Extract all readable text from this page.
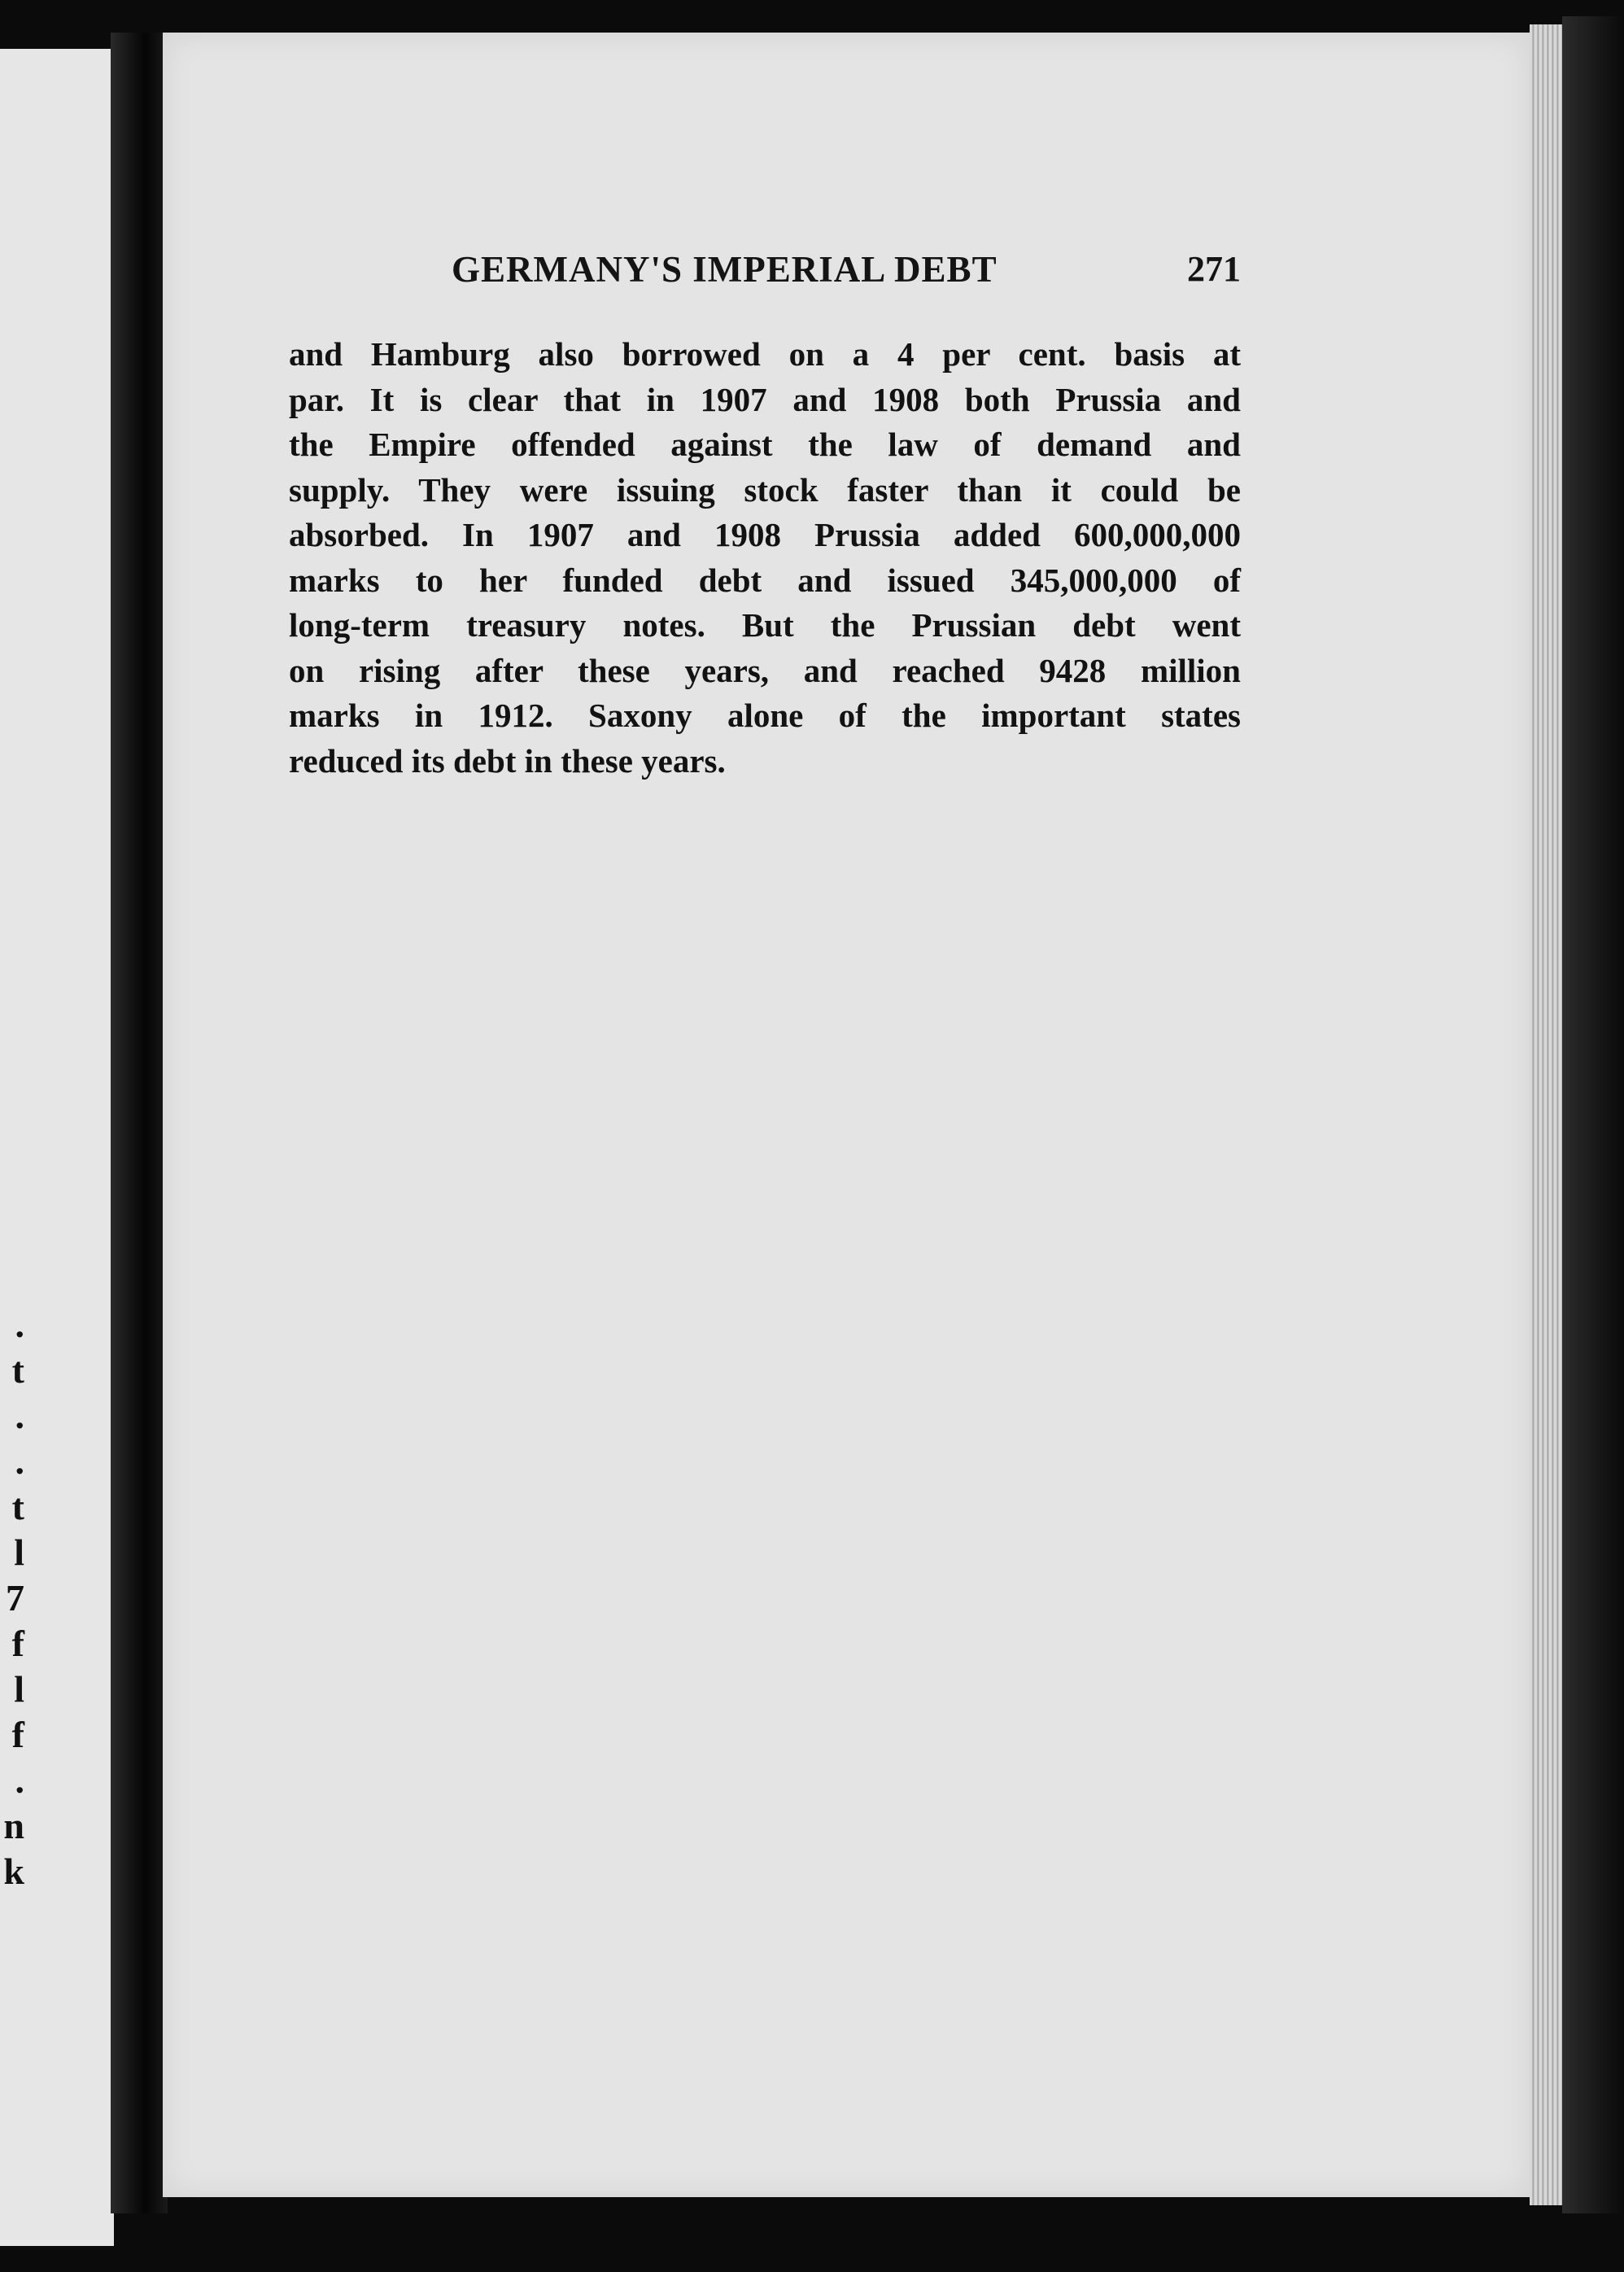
.
t
.
.
t
l
7
f
l
f
.
n
k
GERMANY'S IMPERIAL DEBT	271

and Hamburg also borrowed on a 4 per cent. basis at
par. It is clear that in 1907 and 1908 both Prussia and
the Empire offended against the law of demand and
supply. They were issuing stock faster than it could be
absorbed. In 1907 and 1908 Prussia added 600,000,000
marks to her funded debt and issued 345,000,000 of
long-term treasury notes. But the Prussian debt went
on rising after these years, and reached 9428 million
marks in 1912. Saxony alone of the important states
reduced its debt in these years.
